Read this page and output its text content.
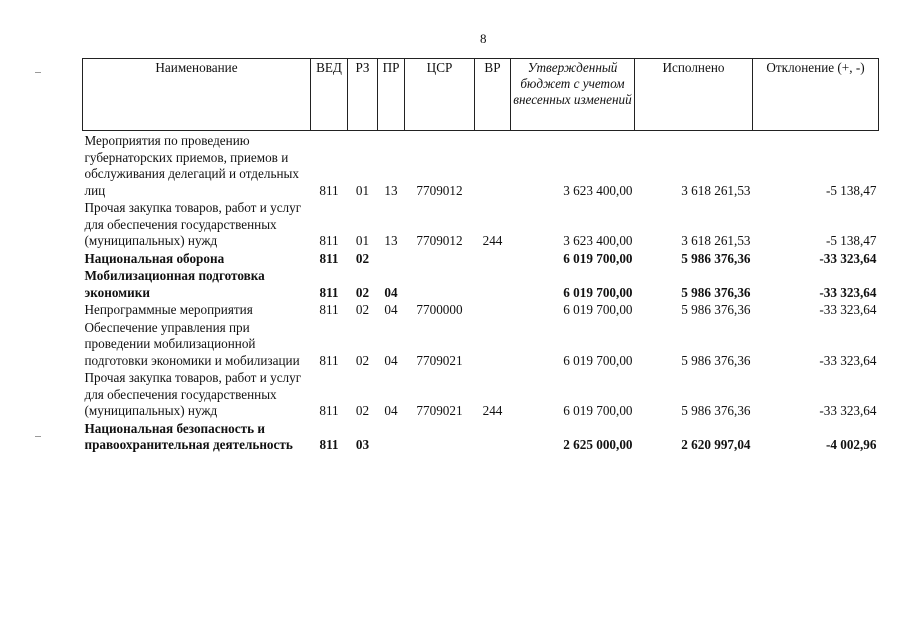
8
Наименование	ВЕД	РЗ	ПР	ЦСР	ВР	Утвержденный бюджет с учетом внесенных изменений	Исполнено	Отклонение (+, -)
Мероприятия по проведению губернаторских приемов, приемов и обслуживания делегаций и отдельных лиц	811	01	13	7709012		3 623 400,00	3 618 261,53	-5 138,47
Прочая закупка товаров, работ и услуг для обеспечения государственных (муниципальных) нужд	811	01	13	7709012	244	3 623 400,00	3 618 261,53	-5 138,47
Национальная оборона	811	02				6 019 700,00	5 986 376,36	-33 323,64
Мобилизационная подготовка экономики	811	02	04			6 019 700,00	5 986 376,36	-33 323,64
Непрограммные мероприятия	811	02	04	7700000		6 019 700,00	5 986 376,36	-33 323,64
Обеспечение управления при проведении мобилизационной подготовки экономики и мобилизации	811	02	04	7709021		6 019 700,00	5 986 376,36	-33 323,64
Прочая закупка товаров, работ и услуг для обеспечения государственных (муниципальных) нужд	811	02	04	7709021	244	6 019 700,00	5 986 376,36	-33 323,64
Национальная безопасность и правоохранительная деятельность	811	03				2 625 000,00	2 620 997,04	-4 002,96
